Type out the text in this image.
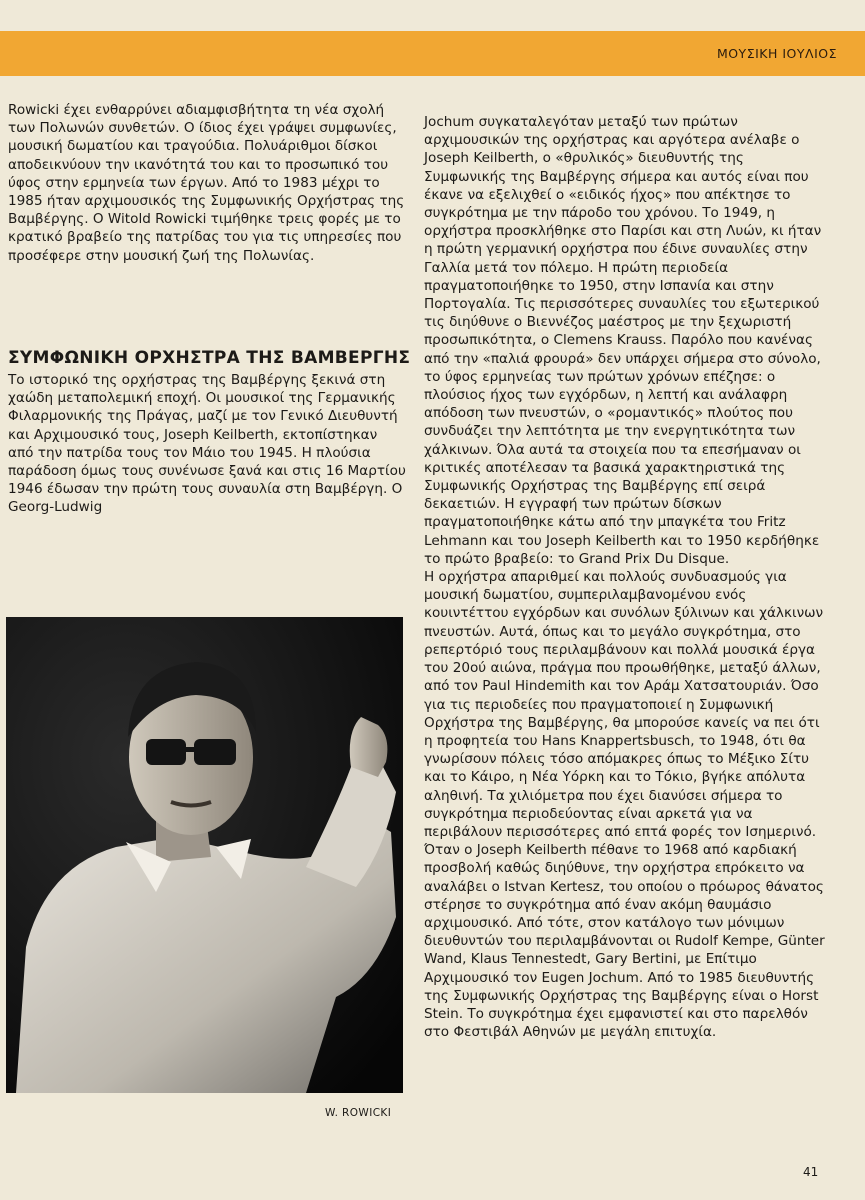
ΜΟΥΣΙΚΗ ΙΟΥΛΙΟΣ

Rowicki έχει ενθαρρύνει αδιαμφισβήτητα τη νέα σχολή των Πολωνών συνθετών. Ο ίδιος έχει γράψει συμφωνίες, μουσική δωματίου και τραγούδια. Πολυάριθμοι δίσκοι αποδεικνύουν την ικανότητά του και το προσωπικό του ύφος στην ερμηνεία των έργων. Από το 1983 μέχρι το 1985 ήταν αρχιμουσικός της Συμφωνικής Ορχήστρας της Βαμβέργης. Ο Witold Rowicki τιμήθηκε τρεις φορές με το κρατικό βραβείο της πατρίδας του για τις υπηρεσίες που προσέφερε στην μουσική ζωή της Πολωνίας.

ΣΥΜΦΩΝΙΚΗ ΟΡΧΗΣΤΡΑ ΤΗΣ ΒΑΜΒΕΡΓΗΣ

Το ιστορικό της ορχήστρας της Βαμβέργης ξεκινά στη χαώδη μεταπολεμική εποχή. Οι μουσικοί της Γερμανικής Φιλαρμονικής της Πράγας, μαζί με τον Γενικό Διευθυντή και Αρχιμουσικό τους, Joseph Keilberth, εκτοπίστηκαν από την πατρίδα τους τον Μάιο του 1945. Η πλούσια παράδοση όμως τους συνένωσε ξανά και στις 16 Μαρτίου 1946 έδωσαν την πρώτη τους συναυλία στη Βαμβέργη. Ο Georg-Ludwig

W. ROWICKI

Jochum συγκαταλεγόταν μεταξύ των πρώτων αρχιμουσικών της ορχήστρας και αργότερα ανέλαβε ο Joseph Keilberth, ο «θρυλικός» διευθυντής της Συμφωνικής της Βαμβέργης σήμερα και αυτός είναι που έκανε να εξελιχθεί ο «ειδικός ήχος» που απέκτησε το συγκρότημα με την πάροδο του χρόνου. Το 1949, η ορχήστρα προσκλήθηκε στο Παρίσι και στη Λυών, κι ήταν η πρώτη γερμανική ορχήστρα που έδινε συναυλίες στην Γαλλία μετά τον πόλεμο. Η πρώτη περιοδεία πραγματοποιήθηκε το 1950, στην Ισπανία και στην Πορτογαλία. Τις περισσότερες συναυλίες του εξωτερικού τις διηύθυνε ο Βιεννέζος μαέστρος με την ξεχωριστή προσωπικότητα, ο Clemens Krauss. Παρόλο που κανένας από την «παλιά φρουρά» δεν υπάρχει σήμερα στο σύνολο, το ύφος ερμηνείας των πρώτων χρόνων επέζησε: ο πλούσιος ήχος των εγχόρδων, η λεπτή και ανάλαφρη απόδοση των πνευστών, ο «ρομαντικός» πλούτος που συνδυάζει την λεπτότητα με την ενεργητικότητα των χάλκινων. Όλα αυτά τα στοιχεία που τα επεσήμαναν οι κριτικές αποτέλεσαν τα βασικά χαρακτηριστικά της Συμφωνικής Ορχήστρας της Βαμβέργης επί σειρά δεκαετιών. Η εγγραφή των πρώτων δίσκων πραγματοποιήθηκε κάτω από την μπαγκέτα του Fritz Lehmann και του Joseph Keilberth και το 1950 κερδήθηκε το πρώτο βραβείο: το Grand Prix Du Disque.

Η ορχήστρα απαριθμεί και πολλούς συνδυασμούς για μουσική δωματίου, συμπεριλαμβανομένου ενός κουιντέττου εγχόρδων και συνόλων ξύλινων και χάλκινων πνευστών. Αυτά, όπως και το μεγάλο συγκρότημα, στο ρεπερτόριό τους περιλαμβάνουν και πολλά μουσικά έργα του 20ού αιώνα, πράγμα που προωθήθηκε, μεταξύ άλλων, από τον Paul Hindemith και τον Αράμ Χατσατουριάν. Όσο για τις περιοδείες που πραγματοποιεί η Συμφωνική Ορχήστρα της Βαμβέργης, θα μπορούσε κανείς να πει ότι η προφητεία του Hans Knappertsbusch, το 1948, ότι θα γνωρίσουν πόλεις τόσο απόμακρες όπως το Μέξικο Σίτυ και το Κάιρο, η Νέα Υόρκη και το Τόκιο, βγήκε απόλυτα αληθινή. Τα χιλιόμετρα που έχει διανύσει σήμερα το συγκρότημα περιοδεύοντας είναι αρκετά για να περιβάλουν περισσότερες από επτά φορές τον Ισημερινό.

Όταν ο Joseph Keilberth πέθανε το 1968 από καρδιακή προσβολή καθώς διηύθυνε, την ορχήστρα επρόκειτο να αναλάβει ο Istvan Kertesz, του οποίου ο πρόωρος θάνατος στέρησε το συγκρότημα από έναν ακόμη θαυμάσιο αρχιμουσικό. Από τότε, στον κατάλογο των μόνιμων διευθυντών του περιλαμβάνονται οι Rudolf Kempe, Günter Wand, Klaus Tennestedt, Gary Bertini, με Επίτιμο Αρχιμουσικό τον Eugen Jochum. Από το 1985 διευθυντής της Συμφωνικής Ορχήστρας της Βαμβέργης είναι ο Horst Stein. Το συγκρότημα έχει εμφανιστεί και στο παρελθόν στο Φεστιβάλ Αθηνών με μεγάλη επιτυχία.

41
